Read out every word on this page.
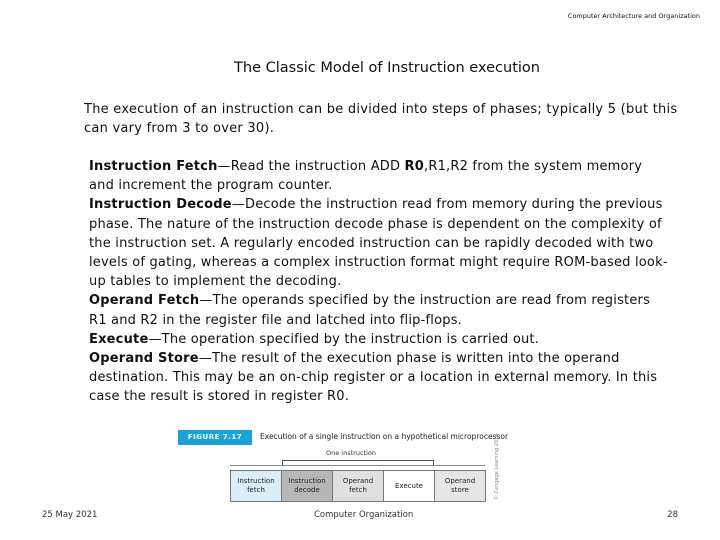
Computer Architecture and Organization
The Classic Model of Instruction execution
The execution of an instruction can be divided into steps of phases; typically 5 (but this can vary from 3 to over 30).
Instruction Fetch—Read the instruction ADD R0,R1,R2 from the system memory and increment the program counter.
Instruction Decode—Decode the instruction read from memory during the previous phase. The nature of the instruction decode phase is dependent on the complexity of the instruction set. A regularly encoded instruction can be rapidly decoded with two levels of gating, whereas a complex instruction format might require ROM-based look-up tables to implement the decoding.
Operand Fetch—The operands specified by the instruction are read from registers R1 and R2 in the register file and latched into flip-flops.
Execute—The operation specified by the instruction is carried out.
Operand Store—The result of the execution phase is written into the operand destination. This may be an on-chip register or a location in external memory. In this case the result is stored in register R0.
FIGURE 7.17	Execution of a single instruction on a hypothetical microprocessor
One instruction
Instruction
fetch
Instruction
decode
Operand
fetch
Execute
Operand
store	© Cengage Learning 2014
25 May 2021	Computer Organization	28
